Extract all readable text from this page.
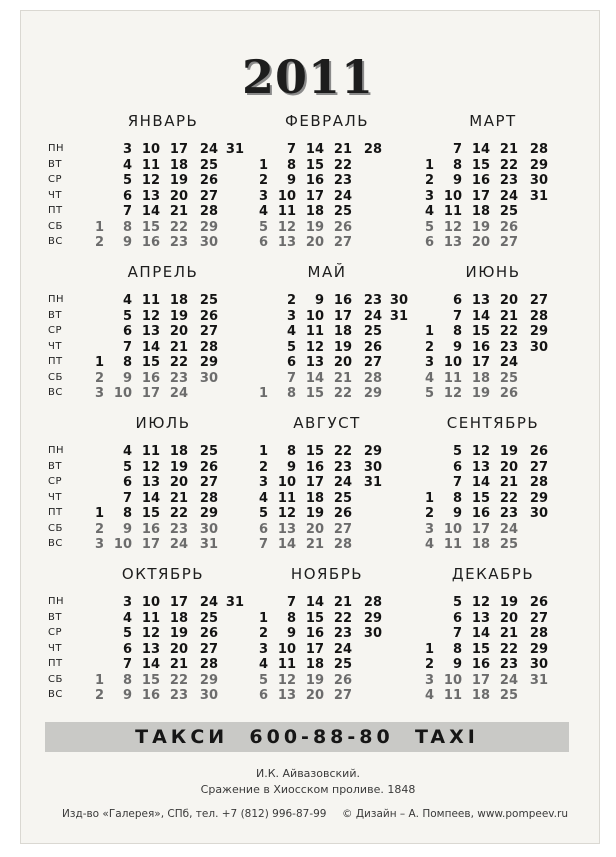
2011
ЯНВАРЬ
ПН	3 10 17 24 31
ВТ	4 11 18 25
СР	5 12 19 26
ЧТ	6 13 20 27
ПТ	7 14 21 28
СБ	1	8 15 22 29
ВС	2	9 16 23 30
ФЕВРАЛЬ
7 14 21 28
1	8 15 22
2	9 16 23
3 10 17 24
4 11 18 25
5 12 19 26
6 13 20 27
МАРТ
7 14 21 28
1	8 15 22 29
2	9 16 23 30
3 10 17 24 31
4 11 18 25
5 12 19 26
6 13 20 27
АПРЕЛЬ
ПН	4 11 18 25
ВТ	5 12 19 26
СР	6 13 20 27
ЧТ	7 14 21 28
ПТ	1	8 15 22 29
СБ	2	9 16 23 30
ВС	3 10 17 24
МАЙ
2	9 16 23 30
3 10 17 24 31
4 11 18 25
5 12 19 26
6 13 20 27
7 14 21 28
1	8 15 22 29
ИЮНЬ
6 13 20 27
7 14 21 28
1	8 15 22 29
2	9 16 23 30
3 10 17 24
4 11 18 25
5 12 19 26
ИЮЛЬ
ПН	4 11 18 25
ВТ	5 12 19 26
СР	6 13 20 27
ЧТ	7 14 21 28
ПТ	1	8 15 22 29
СБ	2	9 16 23 30
ВС	3 10 17 24 31
АВГУСТ
1	8 15 22 29
2	9 16 23 30
3 10 17 24 31
4 11 18 25
5 12 19 26
6 13 20 27
7 14 21 28
СЕНТЯБРЬ
5 12 19 26
6 13 20 27
7 14 21 28
1	8 15 22 29
2	9 16 23 30
3 10 17 24
4 11 18 25
ОКТЯБРЬ
ПН	3 10 17 24 31
ВТ	4 11 18 25
СР	5 12 19 26
ЧТ	6 13 20 27
ПТ	7 14 21 28
СБ	1	8 15 22 29
ВС	2	9 16 23 30
НОЯБРЬ
7 14 21 28
1	8 15 22 29
2	9 16 23 30
3 10 17 24
4 11 18 25
5 12 19 26
6 13 20 27
ДЕКАБРЬ
5 12 19 26
6 13 20 27
7 14 21 28
1	8 15 22 29
2	9 16 23 30
3 10 17 24 31
4 11 18 25
ТАКСИ  600-88-80  TAXI
И.К. Айвазовский.
Сражение в Хиосском проливе. 1848
Изд-во «Галерея», СПб, тел. +7 (812) 996-87-99 © Дизайн – А. Помпеев, www.pompeev.ru
